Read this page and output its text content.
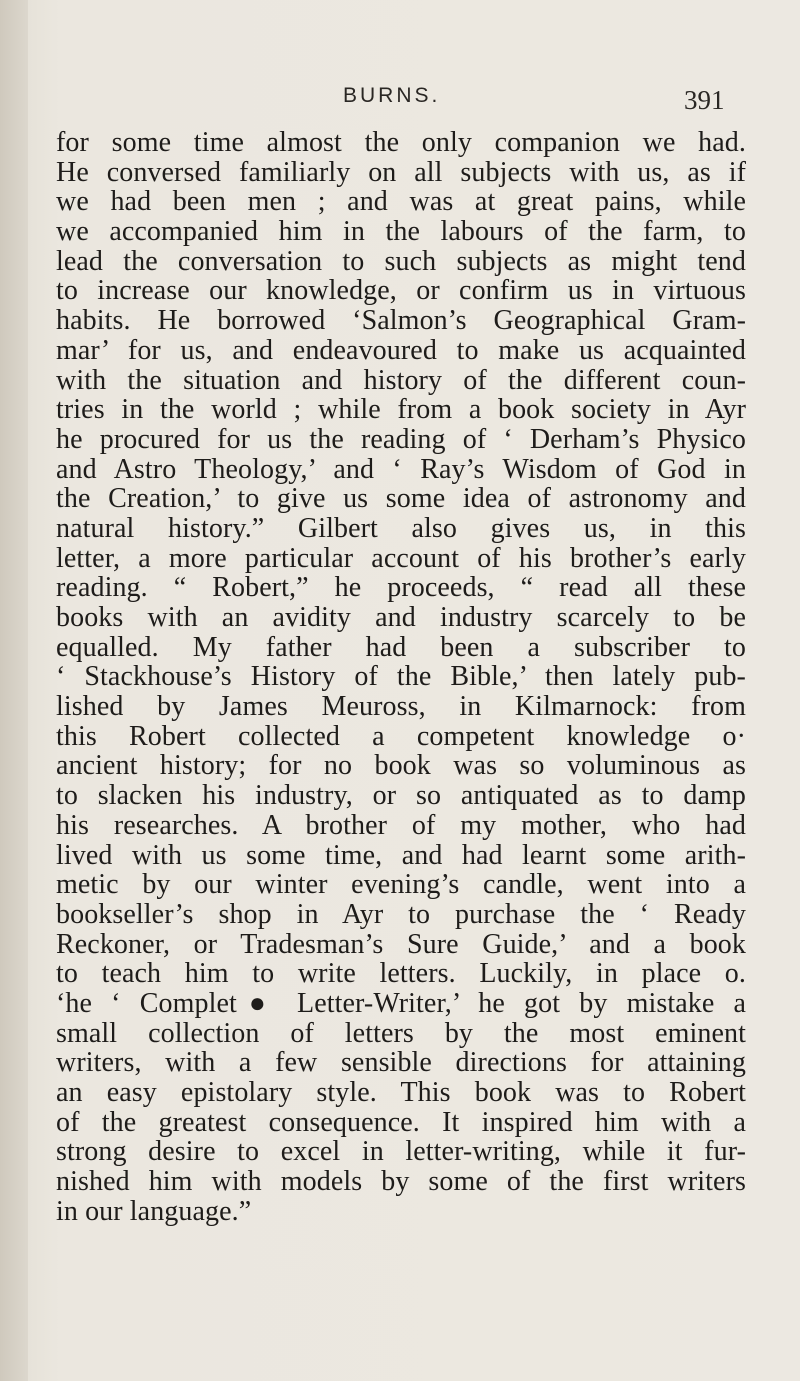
BURNS.	391
for some time almost the only companion we had.
He conversed familiarly on all subjects with us, as if
we had been men ; and was at great pains, while
we accompanied him in the labours of the farm, to
lead the conversation to such subjects as might tend
to increase our knowledge, or confirm us in virtuous
habits. He borrowed ‘Salmon’s Geographical Gram-
mar’ for us, and endeavoured to make us acquainted
with the situation and history of the different coun-
tries in the world ; while from a book society in Ayr
he procured for us the reading of ‘ Derham’s Physico
and Astro Theology,’ and ‘ Ray’s Wisdom of God in
the Creation,’ to give us some idea of astronomy and
natural history.” Gilbert also gives us, in this
letter, a more particular account of his brother’s early
reading. “ Robert,” he proceeds, “ read all these
books with an avidity and industry scarcely to be
equalled. My father had been a subscriber to
‘ Stackhouse’s History of the Bible,’ then lately pub-
lished by James Meuross, in Kilmarnock: from
this Robert collected a competent knowledge o·
ancient history; for no book was so voluminous as
to slacken his industry, or so antiquated as to damp
his researches. A brother of my mother, who had
lived with us some time, and had learnt some arith-
metic by our winter evening’s candle, went into a
bookseller’s shop in Ayr to purchase the ‘ Ready
Reckoner, or Tradesman’s Sure Guide,’ and a book
to teach him to write letters. Luckily, in place o.
‘he ‘ Complet● Letter-Writer,’ he got by mistake a
small collection of letters by the most eminent
writers, with a few sensible directions for attaining
an easy epistolary style. This book was to Robert
of the greatest consequence. It inspired him with a
strong desire to excel in letter-writing, while it fur-
nished him with models by some of the first writers
in our language.”
